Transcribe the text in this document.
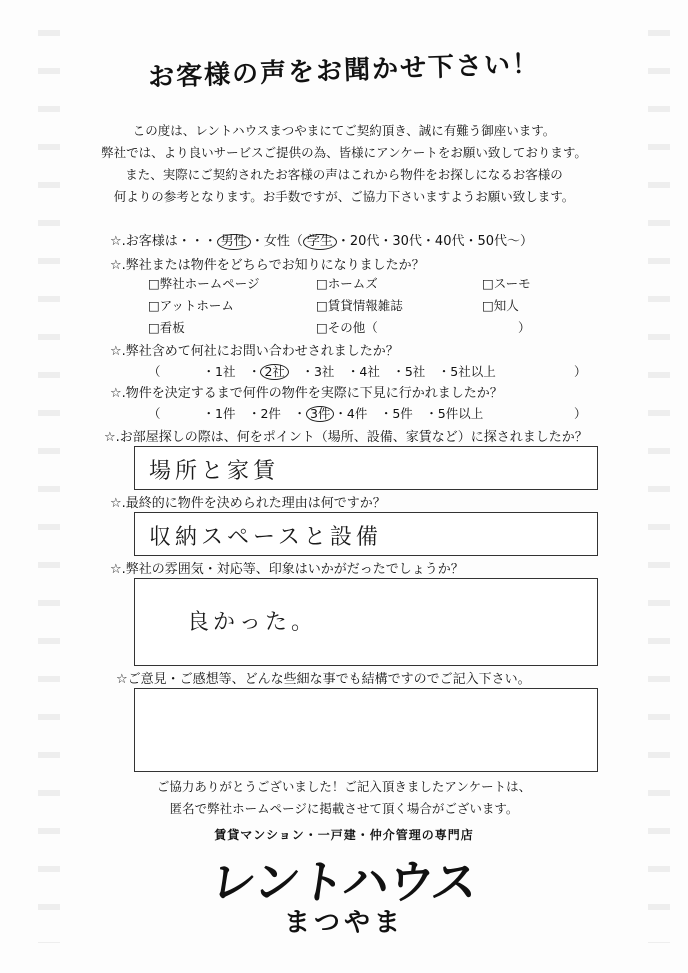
お客様の声をお聞かせ下さい！
この度は、レントハウスまつやまにてご契約頂き、誠に有難う御座います。
弊社では、より良いサービスご提供の為、皆様にアンケートをお願い致しております。
また、実際にご契約されたお客様の声はこれから物件をお探しになるお客様の
何よりの参考となります。お手数ですが、ご協力下さいますようお願い致します。
☆.お客様は・・・ 男性 ・女性（ 学生 ・20代・30代・40代・50代～）
☆.弊社または物件をどちらでお知りになりましたか？
□弊社ホームページ	□ホームズ	□スーモ
□アットホーム	□賃貸情報雑誌	□知人
□看板	□その他（	）
☆.弊社含めて何社にお問い合わせされましたか？
（	・1社　・ 2社　 ・3社　・4社　・5社　・5社以上	）
☆.物件を決定するまで何件の物件を実際に下見に行かれましたか？
（	・1件　・2件　・ 3件 ・4件　・5件　・5件以上	）
☆.お部屋探しの際は、何をポイント（場所、設備、家賃など）に探されましたか？
場所と家賃
☆.最終的に物件を決められた理由は何ですか？
収納スペースと設備
☆.弊社の雰囲気・対応等、印象はいかがだったでしょうか？
良かった。
☆ご意見・ご感想等、どんな些細な事でも結構ですのでご記入下さい。
ご協力ありがとうございました！ご記入頂きましたアンケートは、
匿名で弊社ホームページに掲載させて頂く場合がございます。
賃貸マンション・一戸建・仲介管理の専門店
レントハウス
まつやま
